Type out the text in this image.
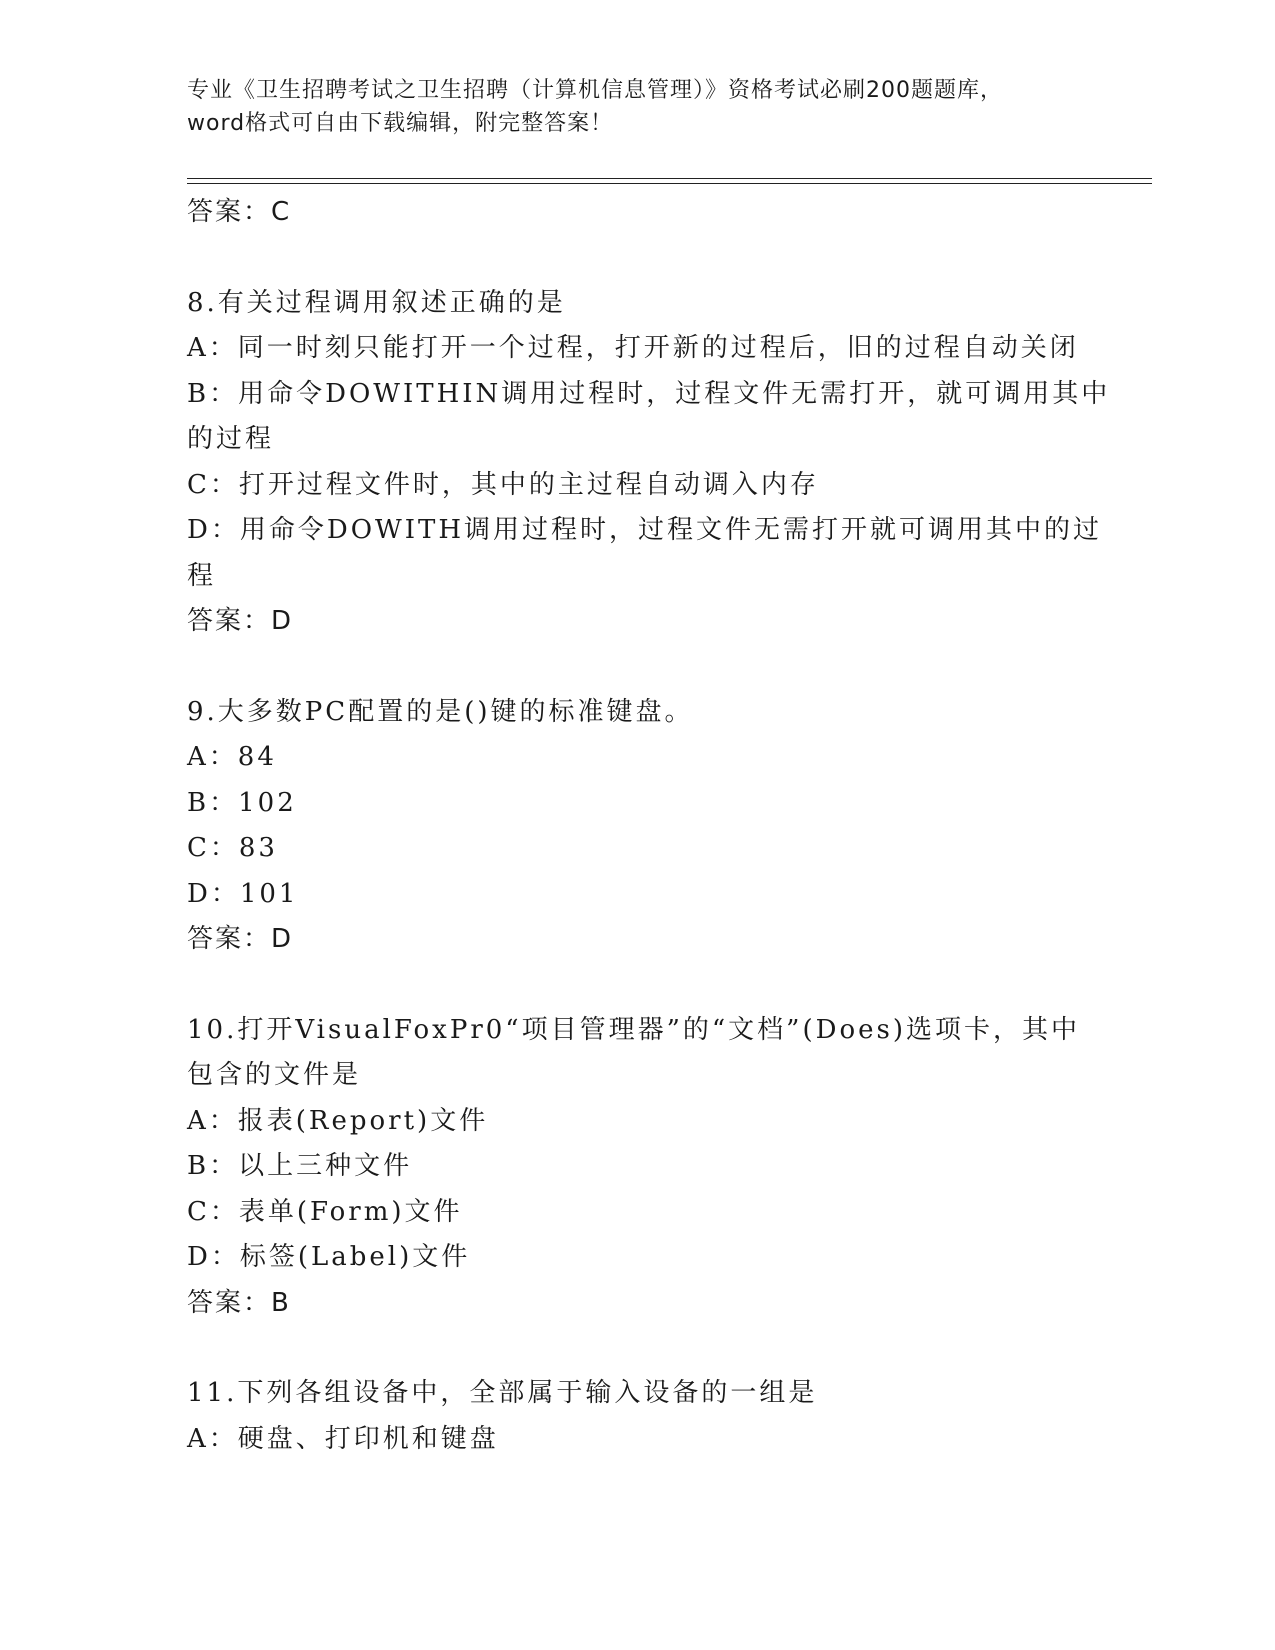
专业《卫生招聘考试之卫生招聘（计算机信息管理）》资格考试必刷200题题库，
word格式可自由下载编辑，附完整答案！
答案：C
8.有关过程调用叙述正确的是
A：同一时刻只能打开一个过程，打开新的过程后，旧的过程自动关闭
B：用命令DOWITHIN调用过程时，过程文件无需打开，就可调用其中
的过程
C：打开过程文件时，其中的主过程自动调入内存
D：用命令DOWITH调用过程时，过程文件无需打开就可调用其中的过
程
答案：D
9.大多数PC配置的是()键的标准键盘。
A：84
B：102
C：83
D：101
答案：D
10.打开VisualFoxPr0“项目管理器”的“文档”(Does)选项卡，其中
包含的文件是
A：报表(Report)文件
B：以上三种文件
C：表单(Form)文件
D：标签(Label)文件
答案：B
11.下列各组设备中，全部属于输入设备的一组是
A：硬盘、打印机和键盘
